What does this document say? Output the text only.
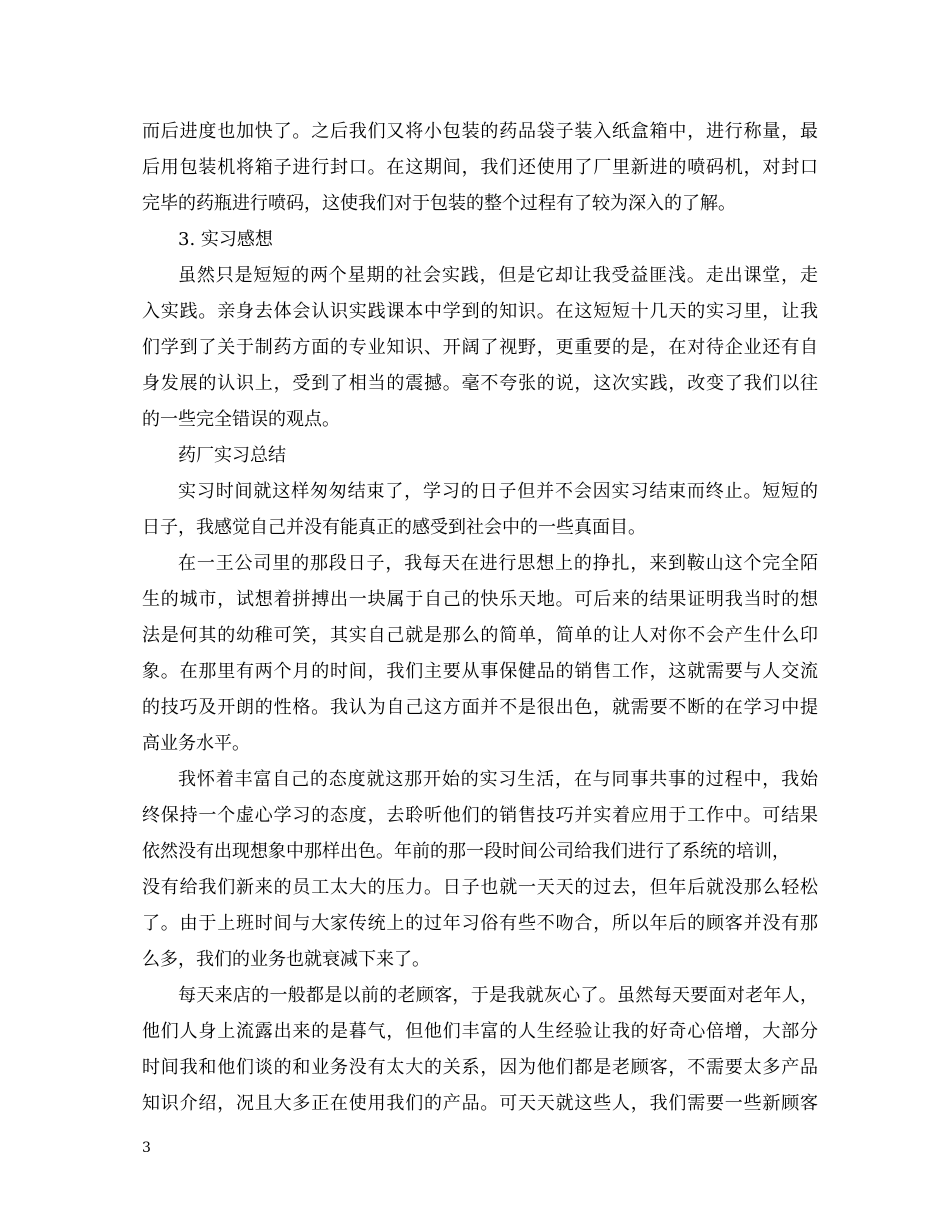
而后进度也加快了。之后我们又将小包装的药品袋子装入纸盒箱中，进行称量，最
后用包装机将箱子进行封口。在这期间，我们还使用了厂里新进的喷码机，对封口
完毕的药瓶进行喷码，这使我们对于包装的整个过程有了较为深入的了解。
3. 实习感想
虽然只是短短的两个星期的社会实践，但是它却让我受益匪浅。走出课堂，走
入实践。亲身去体会认识实践课本中学到的知识。在这短短十几天的实习里，让我
们学到了关于制药方面的专业知识、开阔了视野，更重要的是，在对待企业还有自
身发展的认识上，受到了相当的震撼。毫不夸张的说，这次实践，改变了我们以往
的一些完全错误的观点。
药厂实习总结
实习时间就这样匆匆结束了，学习的日子但并不会因实习结束而终止。短短的
日子，我感觉自己并没有能真正的感受到社会中的一些真面目。
在一王公司里的那段日子，我每天在进行思想上的挣扎，来到鞍山这个完全陌
生的城市，试想着拼搏出一块属于自己的快乐天地。可后来的结果证明我当时的想
法是何其的幼稚可笑，其实自己就是那么的简单，简单的让人对你不会产生什么印
象。在那里有两个月的时间，我们主要从事保健品的销售工作，这就需要与人交流
的技巧及开朗的性格。我认为自己这方面并不是很出色，就需要不断的在学习中提
高业务水平。
我怀着丰富自己的态度就这那开始的实习生活，在与同事共事的过程中，我始
终保持一个虚心学习的态度，去聆听他们的销售技巧并实着应用于工作中。可结果
依然没有出现想象中那样出色。年前的那一段时间公司给我们进行了系统的培训，
没有给我们新来的员工太大的压力。日子也就一天天的过去，但年后就没那么轻松
了。由于上班时间与大家传统上的过年习俗有些不吻合，所以年后的顾客并没有那
么多，我们的业务也就衰减下来了。
每天来店的一般都是以前的老顾客，于是我就灰心了。虽然每天要面对老年人，
他们人身上流露出来的是暮气，但他们丰富的人生经验让我的好奇心倍增，大部分
时间我和他们谈的和业务没有太大的关系，因为他们都是老顾客，不需要太多产品
知识介绍，况且大多正在使用我们的产品。可天天就这些人，我们需要一些新顾客
3
